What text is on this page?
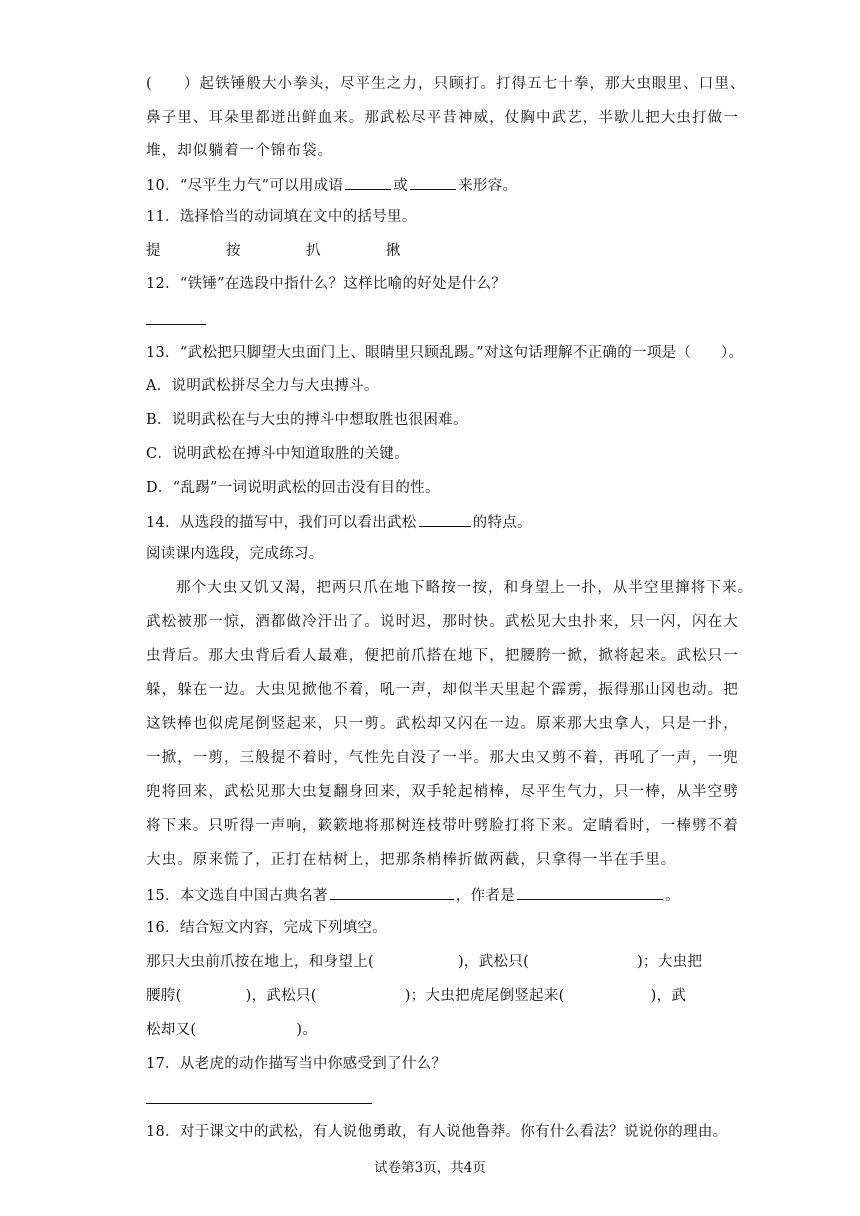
(　　）起铁锤般大小拳头，尽平生之力，只顾打。打得五七十拳，那大虫眼里、口里、
鼻子里、耳朵里都迸出鲜血来。那武松尽平昔神威，仗胸中武艺，半歇儿把大虫打做一
堆，却似躺着一个锦布袋。
10．“尽平生力气”可以用成语	或	来形容。
11．选择恰当的动词填在文中的括号里。
提	按	扒	揪
12．“铁锤”在选段中指什么？这样比喻的好处是什么？
13．“武松把只脚望大虫面门上、眼睛里只顾乱踢。”对这句话理解不正确的一项是（　　）。
A．说明武松拼尽全力与大虫搏斗。
B．说明武松在与大虫的搏斗中想取胜也很困难。
C．说明武松在搏斗中知道取胜的关键。
D．“乱踢”一词说明武松的回击没有目的性。
14．从选段的描写中，我们可以看出武松	的特点。
阅读课内选段，完成练习。
那个大虫又饥又渴，把两只爪在地下略按一按，和身望上一扑，从半空里撺将下来。
武松被那一惊，酒都做冷汗出了。说时迟，那时快。武松见大虫扑来，只一闪，闪在大
虫背后。那大虫背后看人最难，便把前爪搭在地下，把腰胯一掀，掀将起来。武松只一
躲，躲在一边。大虫见掀他不着，吼一声，却似半天里起个霹雳，振得那山冈也动。把
这铁棒也似虎尾倒竖起来，只一剪。武松却又闪在一边。原来那大虫拿人，只是一扑，
一掀，一剪，三般提不着时，气性先自没了一半。那大虫又剪不着，再吼了一声，一兜
兜将回来，武松见那大虫复翻身回来，双手轮起梢棒，尽平生气力，只一棒，从半空劈
将下来。只听得一声响，簌簌地将那树连枝带叶劈脸打将下来。定睛看时，一棒劈不着
大虫。原来慌了，正打在枯树上，把那条梢棒折做两截，只拿得一半在手里。
15．本文选自中国古典名著	，作者是	。
16．结合短文内容，完成下列填空。
那只大虫前爪按在地上，和身望上(	)，武松只(	)；大虫把
腰胯(	)，武松只(	)；大虫把虎尾倒竖起来(	)，武
松却又(	)。
17．从老虎的动作描写当中你感受到了什么？
18．对于课文中的武松，有人说他勇敢，有人说他鲁莽。你有什么看法？说说你的理由。
试卷第3页，共4页
